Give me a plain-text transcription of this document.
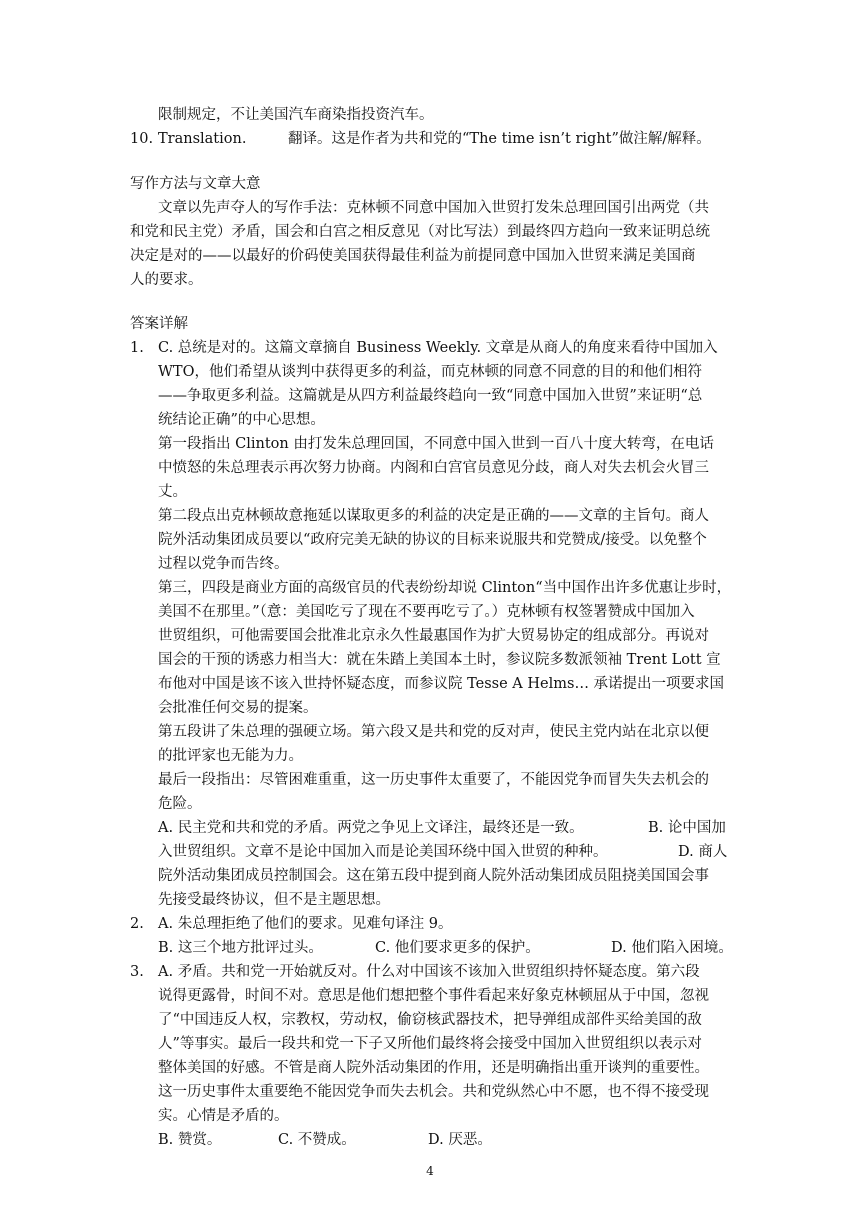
限制规定，不让美国汽车商染指投资汽车。
10. Translation.	翻译。这是作者为共和党的“The time isn’t right”做注解/解释。
写作方法与文章大意
文章以先声夺人的写作手法：克林顿不同意中国加入世贸打发朱总理回国引出两党（共
和党和民主党）矛盾，国会和白宫之相反意见（对比写法）到最终四方趋向一致来证明总统
决定是对的——以最好的价码使美国获得最佳利益为前提同意中国加入世贸来满足美国商
人的要求。
答案详解
1. C. 总统是对的。这篇文章摘自 Business Weekly. 文章是从商人的角度来看待中国加入
WTO，他们希望从谈判中获得更多的利益，而克林顿的同意不同意的目的和他们相符
——争取更多利益。这篇就是从四方利益最终趋向一致“同意中国加入世贸”来证明“总
统结论正确”的中心思想。
第一段指出 Clinton 由打发朱总理回国，不同意中国入世到一百八十度大转弯，在电话
中愤怒的朱总理表示再次努力协商。内阁和白宫官员意见分歧，商人对失去机会火冒三
丈。
第二段点出克林顿故意拖延以谋取更多的利益的决定是正确的——文章的主旨句。商人
院外活动集团成员要以“政府完美无缺的协议的目标来说服共和党赞成/接受。以免整个
过程以党争而告终。
第三，四段是商业方面的高级官员的代表纷纷却说 Clinton“当中国作出许多优惠让步时，
美国不在那里。”（意：美国吃亏了现在不要再吃亏了。）克林顿有权签署赞成中国加入
世贸组织，可他需要国会批准北京永久性最惠国作为扩大贸易协定的组成部分。再说对
国会的干预的诱惑力相当大：就在朱踏上美国本土时，参议院多数派领袖 Trent Lott 宣
布他对中国是该不该入世持怀疑态度，而参议院 Tesse A Helms… 承诺提出一项要求国
会批准任何交易的提案。
第五段讲了朱总理的强硬立场。第六段又是共和党的反对声，使民主党内站在北京以便
的批评家也无能为力。
最后一段指出：尽管困难重重，这一历史事件太重要了，不能因党争而冒失失去机会的
危险。
A. 民主党和共和党的矛盾。两党之争见上文译注，最终还是一致。	B. 论中国加
入世贸组织。文章不是论中国加入而是论美国环绕中国入世贸的种种。	D. 商人
院外活动集团成员控制国会。这在第五段中提到商人院外活动集团成员阻挠美国国会事
先接受最终协议，但不是主题思想。
2. A. 朱总理拒绝了他们的要求。见难句译注 9。
B. 这三个地方批评过头。	C. 他们要求更多的保护。	D. 他们陷入困境。
3. A. 矛盾。共和党一开始就反对。什么对中国该不该加入世贸组织持怀疑态度。第六段
说得更露骨，时间不对。意思是他们想把整个事件看起来好象克林顿屈从于中国，忽视
了“中国违反人权，宗教权，劳动权，偷窃核武器技术，把导弹组成部件买给美国的敌
人”等事实。最后一段共和党一下子又所他们最终将会接受中国加入世贸组织以表示对
整体美国的好感。不管是商人院外活动集团的作用，还是明确指出重开谈判的重要性。
这一历史事件太重要绝不能因党争而失去机会。共和党纵然心中不愿，也不得不接受现
实。心情是矛盾的。
B. 赞赏。	C. 不赞成。	D. 厌恶。
4
